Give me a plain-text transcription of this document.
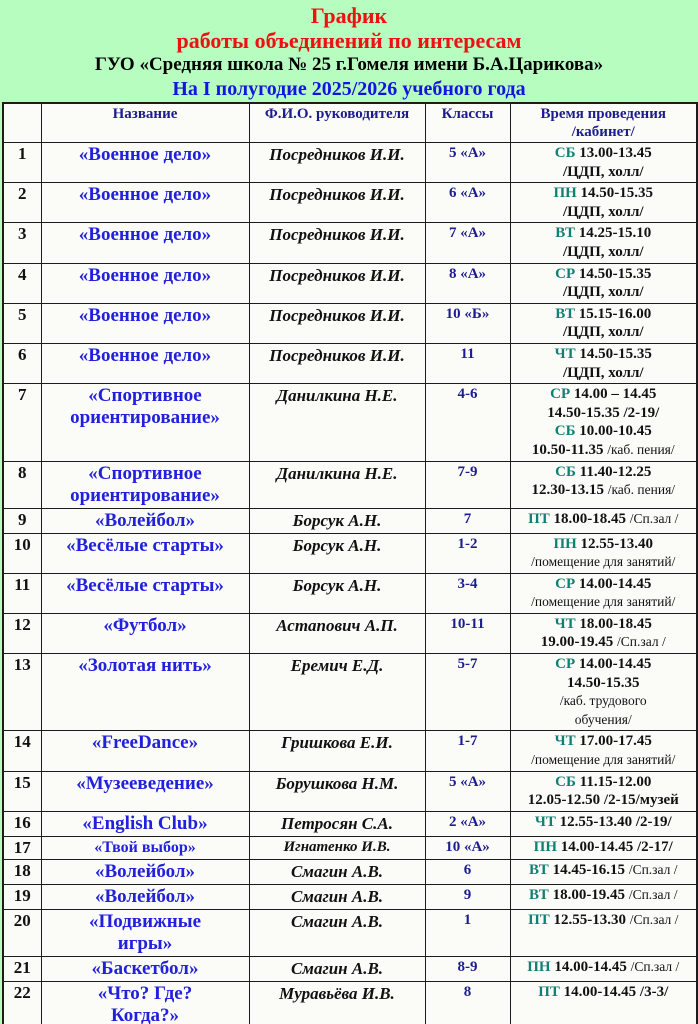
График
работы объединений по интересам
ГУО «Средняя школа № 25 г.Гомеля имени Б.А.Царикова»
На I полугодие 2025/2026 учебного года
	Название	Ф.И.О. руководителя	Классы	Время проведения
/кабинет/

1	«Военное дело»	Посредников И.И.	5 «А»	СБ 13.00-13.45
/ЦДП, холл/

2	«Военное дело»	Посредников И.И.	6 «А»	ПН 14.50-15.35
/ЦДП, холл/

3	«Военное дело»	Посредников И.И.	7 «А»	ВТ 14.25-15.10
/ЦДП, холл/

4	«Военное дело»	Посредников И.И.	8 «А»	СР 14.50-15.35
/ЦДП, холл/

5	«Военное дело»	Посредников И.И.	10 «Б»	ВТ 15.15-16.00
/ЦДП, холл/

6	«Военное дело»	Посредников И.И.	11	ЧТ 14.50-15.35
/ЦДП, холл/

7	«Спортивное
ориентирование»
	Данилкина Н.Е.	4-6	СР 14.00 – 14.45
14.50-15.35 /2-19/
СБ 10.00-10.45
10.50-11.35 /каб. пения/

8	«Спортивное
ориентирование»
	Данилкина Н.Е.	7-9	СБ 11.40-12.25
12.30-13.15 /каб. пения/

9	«Волейбол»	Борсук А.Н.	7	ПТ 18.00-18.45 /Сп.зал /

10	«Весёлые старты»	Борсук А.Н.	1-2	ПН 12.55-13.40
/помещение для занятий/

11	«Весёлые старты»	Борсук А.Н.	3-4	СР 14.00-14.45
/помещение для занятий/

12	«Футбол»	Астапович А.П.	10-11	ЧТ 18.00-18.45
19.00-19.45 /Сп.зал /

13	«Золотая нить»	Еремич Е.Д.	5-7	СР 14.00-14.45
14.50-15.35
/каб. трудового
обучения/

14	«FreeDance»	Гришкова Е.И.	1-7	ЧТ 17.00-17.45
/помещение для занятий/

15	«Музееведение»	Борушкова Н.М.	5 «А»	СБ 11.15-12.00
12.05-12.50 /2-15/музей

16	«English Club»	Петросян С.А.	2 «А»	ЧТ 12.55-13.40 /2-19/

17	«Твой выбор»	Игнатенко И.В.	10 «А»	ПН 14.00-14.45 /2-17/

18	«Волейбол»	Смагин А.В.	6	ВТ 14.45-16.15 /Сп.зал /

19	«Волейбол»	Смагин А.В.	9	ВТ 18.00-19.45 /Сп.зал /

20	«Подвижные
игры»	Смагин А.В.	1	ПТ 12.55-13.30 /Сп.зал /

21	«Баскетбол»	Смагин А.В.	8-9	ПН 14.00-14.45 /Сп.зал /

22	«Что? Где?
Когда?»	Муравьёва И.В.	8	ПТ 14.00-14.45 /3-3/
